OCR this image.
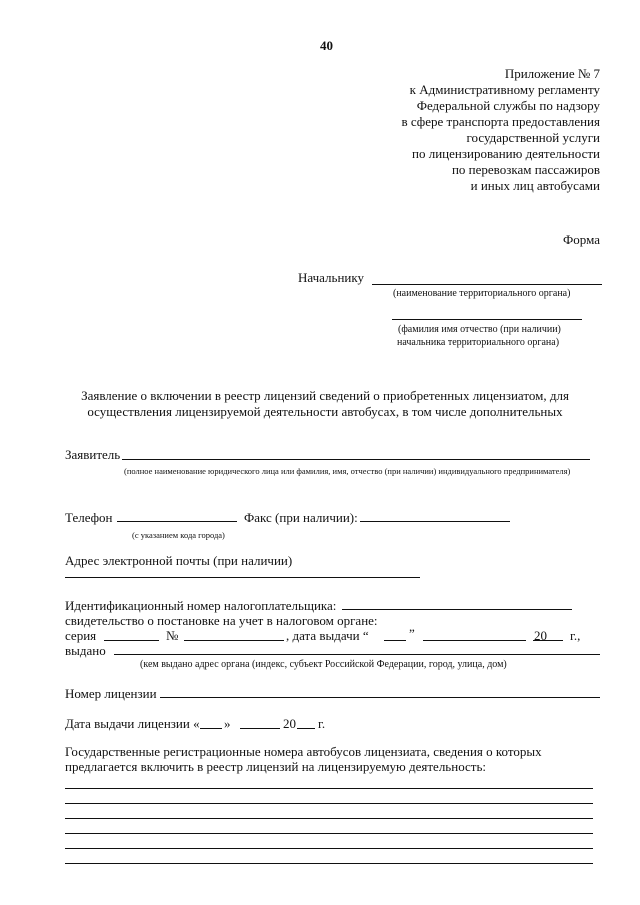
40
Приложение № 7
к Административному регламенту
Федеральной службы по надзору
в сфере транспорта предоставления
государственной услуги
по лицензированию деятельности
по перевозкам пассажиров
и иных лиц автобусами
Форма
Начальнику
(наименование территориального органа)
(фамилия имя отчество (при наличии)
начальника территориального органа)
Заявление о включении в реестр лицензий сведений о приобретенных лицензиатом, для
осуществления лицензируемой деятельности автобусах, в том числе дополнительных
Заявитель
(полное наименование юридического лица или фамилия, имя, отчество (при наличии) индивидуального предпринимателя)
Телефон	Факс (при наличии):
(с указанием кода города)
Адрес электронной почты (при наличии)
Идентификационный номер налогоплательщика:
свидетельство о постановке на учет в налоговом органе:
серия	№	, дата выдачи “	”	20 г.,
выдано
(кем выдано адрес органа (индекс, субъект Российской Федерации, город, улица, дом)
Номер лицензии
Дата выдачи лицензии « »	20 г.
Государственные регистрационные номера автобусов лицензиата, сведения о которых
предлагается включить в реестр лицензий на лицензируемую деятельность:
